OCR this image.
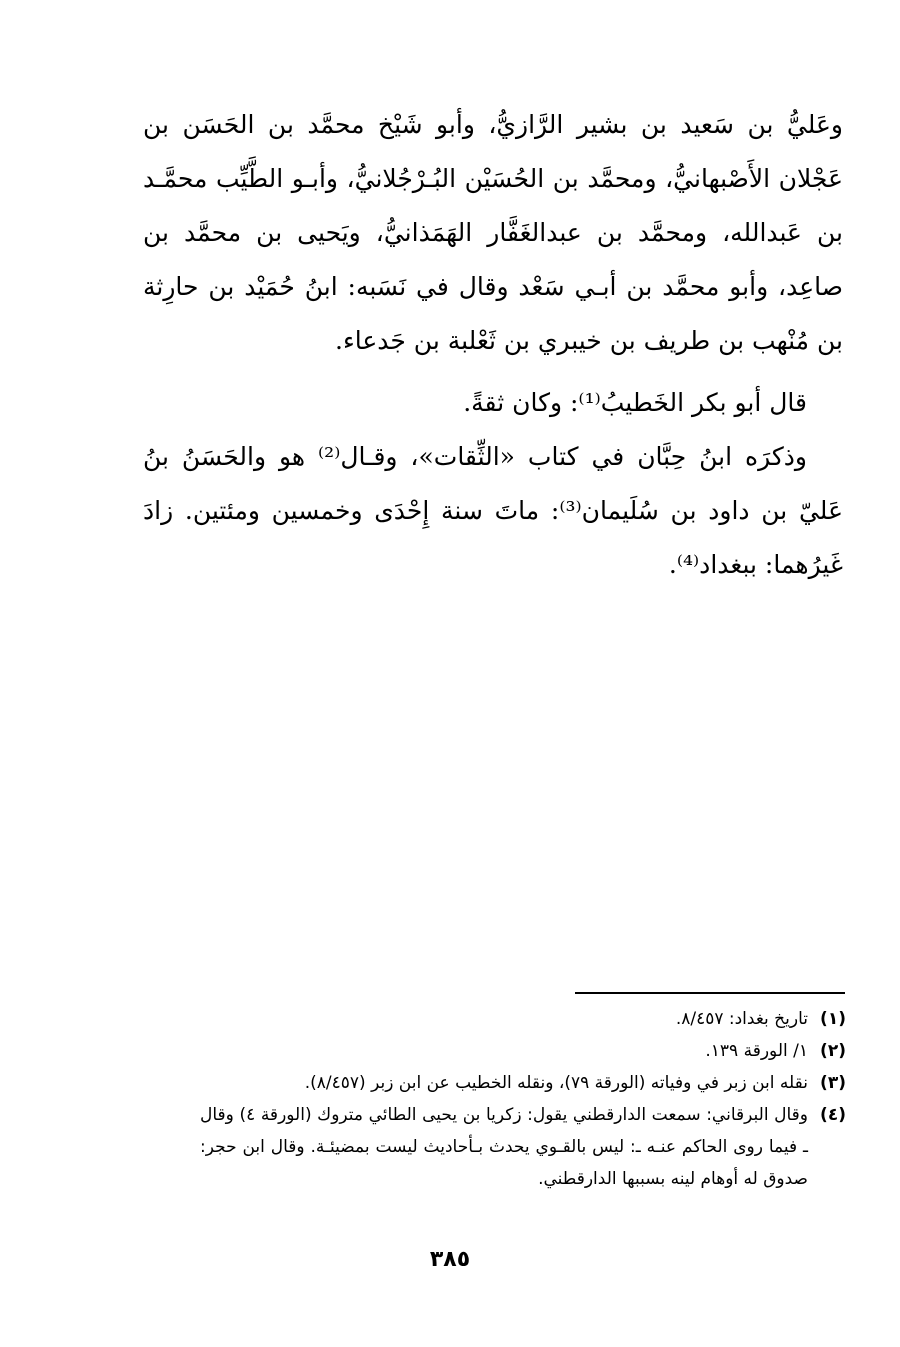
وعَليُّ بن سَعيد بن بشير الرَّازيُّ، وأبو شَيْخ محمَّد بن الحَسَن بن عَجْلان الأَصْبهانيُّ، ومحمَّد بن الحُسَيْن البُـرْجُلانيُّ، وأبـو الطَّيِّب محمَّـد بن عَبدالله، ومحمَّد بن عبدالغَفَّار الهَمَذانيُّ، ويَحيى بن محمَّد بن صاعِد، وأبو محمَّد بن أبـي سَعْد وقال في نَسَبه: ابنُ حُمَيْد بن حارِثة بن مُنْهب بن طريف بن خيبري بن ثَعْلبة بن جَدعاء.

قال أبو بكر الخَطيبُ⁽¹⁾: وكان ثقةً.

وذكرَه ابنُ حِبَّان في كتاب «الثِّقات»، وقـال⁽²⁾ هو والحَسَنُ بنُ عَليّ بن داود بن سُلَيمان⁽³⁾: ماتَ سنة إِحْدَى وخمسين ومئتين. زادَ غَيرُهما: ببغداد⁽⁴⁾.

(١)
تاريخ بغداد: ٨/٤٥٧.
(٢)
١/ الورقة ١٣٩.
(٣)
نقله ابن زبر في وفياته (الورقة ٧٩)، ونقله الخطيب عن ابن زبر (٨/٤٥٧).
(٤)
وقال البرقاني: سمعت الدارقطني يقول: زكريا بن يحيى الطائي متروك (الورقة ٤) وقال ـ فيما روى الحاكم عنـه ـ: ليس بالقـوي يحدث بـأحاديث ليست بمضيئـة. وقال ابن حجر: صدوق له أوهام لينه بسببها الدارقطني.
٣٨٥
